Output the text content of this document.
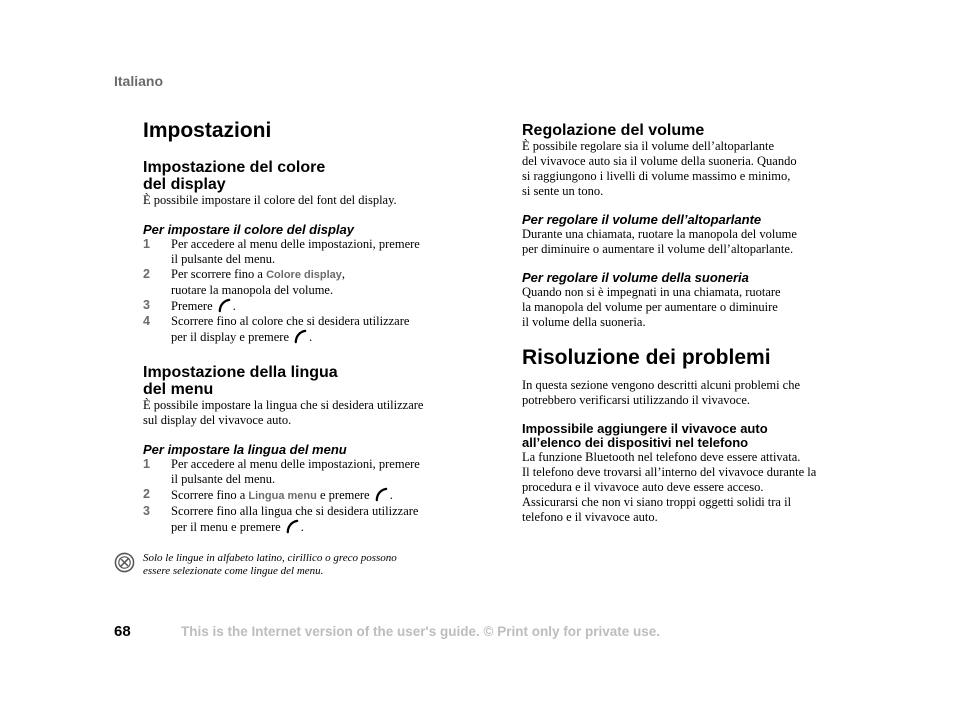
Italiano
Impostazioni
Impostazione del colore
del display

È possibile impostare il colore del font del display.

Per impostare il colore del display
1 Per accedere al menu delle impostazioni, premere
il pulsante del menu.
2 Per scorrere fino a Colore display,
ruotare la manopola del volume.
3 Premere .
4 Scorrere fino al colore che si desidera utilizzare
per il display e premere .
Impostazione della lingua
del menu

È possibile impostare la lingua che si desidera utilizzare
sul display del vivavoce auto.

Per impostare la lingua del menu
1 Per accedere al menu delle impostazioni, premere
il pulsante del menu.
2 Scorrere fino a Lingua menu e premere .
3 Scorrere fino alla lingua che si desidera utilizzare
per il menu e premere .
Solo le lingue in alfabeto latino, cirillico o greco possono
essere selezionate come lingue del menu.
Regolazione del volume

È possibile regolare sia il volume dell’altoparlante
del vivavoce auto sia il volume della suoneria. Quando
si raggiungono i livelli di volume massimo e minimo,
si sente un tono.

Per regolare il volume dell’altoparlante

Durante una chiamata, ruotare la manopola del volume
per diminuire o aumentare il volume dell’altoparlante.

Per regolare il volume della suoneria

Quando non si è impegnati in una chiamata, ruotare
la manopola del volume per aumentare o diminuire
il volume della suoneria.

Risoluzione dei problemi

In questa sezione vengono descritti alcuni problemi che
potrebbero verificarsi utilizzando il vivavoce.

Impossibile aggiungere il vivavoce auto
all’elenco dei dispositivi nel telefono

La funzione Bluetooth nel telefono deve essere attivata.
Il telefono deve trovarsi all’interno del vivavoce durante la
procedura e il vivavoce auto deve essere acceso.
Assicurarsi che non vi siano troppi oggetti solidi tra il
telefono e il vivavoce auto.

68	This is the Internet version of the user's guide. © Print only for private use.
